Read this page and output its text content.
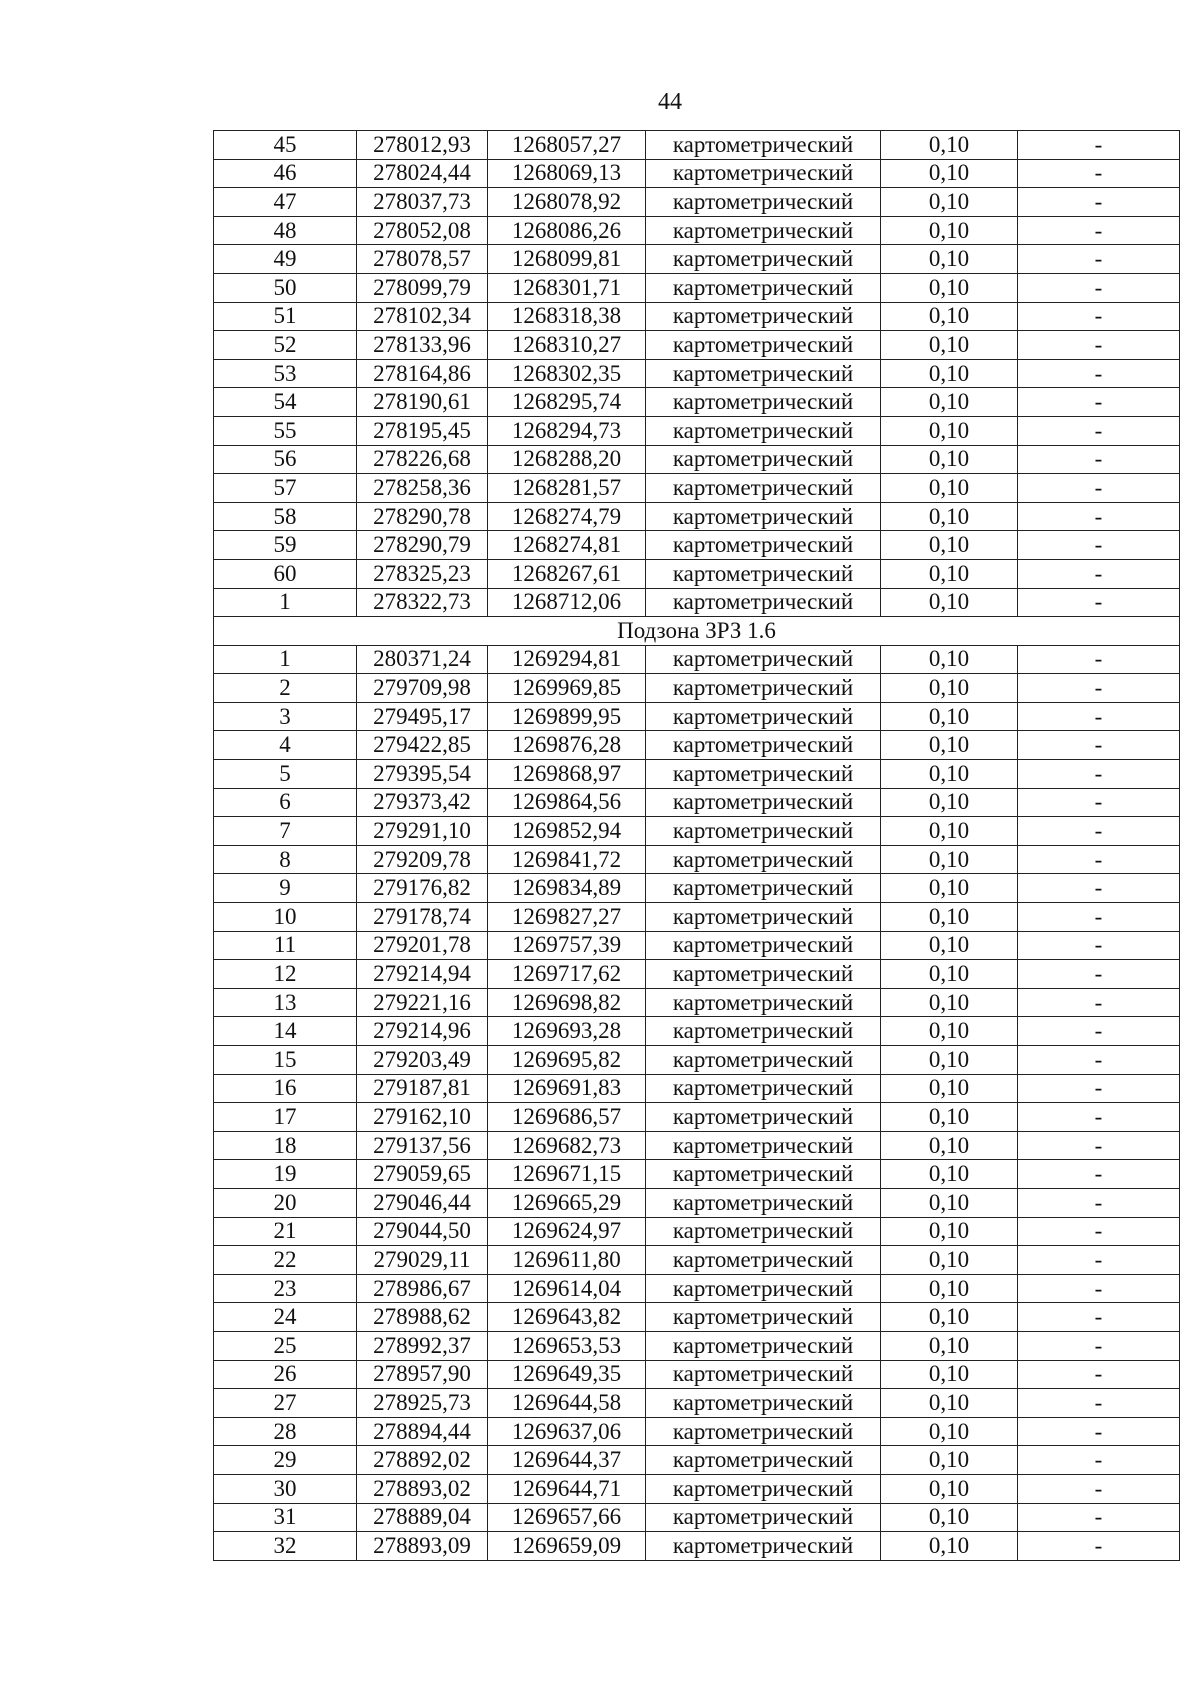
44
45	278012,93	1268057,27	картометрический	0,10	-
46	278024,44	1268069,13	картометрический	0,10	-
47	278037,73	1268078,92	картометрический	0,10	-
48	278052,08	1268086,26	картометрический	0,10	-
49	278078,57	1268099,81	картометрический	0,10	-
50	278099,79	1268301,71	картометрический	0,10	-
51	278102,34	1268318,38	картометрический	0,10	-
52	278133,96	1268310,27	картометрический	0,10	-
53	278164,86	1268302,35	картометрический	0,10	-
54	278190,61	1268295,74	картометрический	0,10	-
55	278195,45	1268294,73	картометрический	0,10	-
56	278226,68	1268288,20	картометрический	0,10	-
57	278258,36	1268281,57	картометрический	0,10	-
58	278290,78	1268274,79	картометрический	0,10	-
59	278290,79	1268274,81	картометрический	0,10	-
60	278325,23	1268267,61	картометрический	0,10	-
1	278322,73	1268712,06	картометрический	0,10	-
Подзона ЗРЗ 1.6					
1	280371,24	1269294,81	картометрический	0,10	-
2	279709,98	1269969,85	картометрический	0,10	-
3	279495,17	1269899,95	картометрический	0,10	-
4	279422,85	1269876,28	картометрический	0,10	-
5	279395,54	1269868,97	картометрический	0,10	-
6	279373,42	1269864,56	картометрический	0,10	-
7	279291,10	1269852,94	картометрический	0,10	-
8	279209,78	1269841,72	картометрический	0,10	-
9	279176,82	1269834,89	картометрический	0,10	-
10	279178,74	1269827,27	картометрический	0,10	-
11	279201,78	1269757,39	картометрический	0,10	-
12	279214,94	1269717,62	картометрический	0,10	-
13	279221,16	1269698,82	картометрический	0,10	-
14	279214,96	1269693,28	картометрический	0,10	-
15	279203,49	1269695,82	картометрический	0,10	-
16	279187,81	1269691,83	картометрический	0,10	-
17	279162,10	1269686,57	картометрический	0,10	-
18	279137,56	1269682,73	картометрический	0,10	-
19	279059,65	1269671,15	картометрический	0,10	-
20	279046,44	1269665,29	картометрический	0,10	-
21	279044,50	1269624,97	картометрический	0,10	-
22	279029,11	1269611,80	картометрический	0,10	-
23	278986,67	1269614,04	картометрический	0,10	-
24	278988,62	1269643,82	картометрический	0,10	-
25	278992,37	1269653,53	картометрический	0,10	-
26	278957,90	1269649,35	картометрический	0,10	-
27	278925,73	1269644,58	картометрический	0,10	-
28	278894,44	1269637,06	картометрический	0,10	-
29	278892,02	1269644,37	картометрический	0,10	-
30	278893,02	1269644,71	картометрический	0,10	-
31	278889,04	1269657,66	картометрический	0,10	-
32	278893,09	1269659,09	картометрический	0,10	-
